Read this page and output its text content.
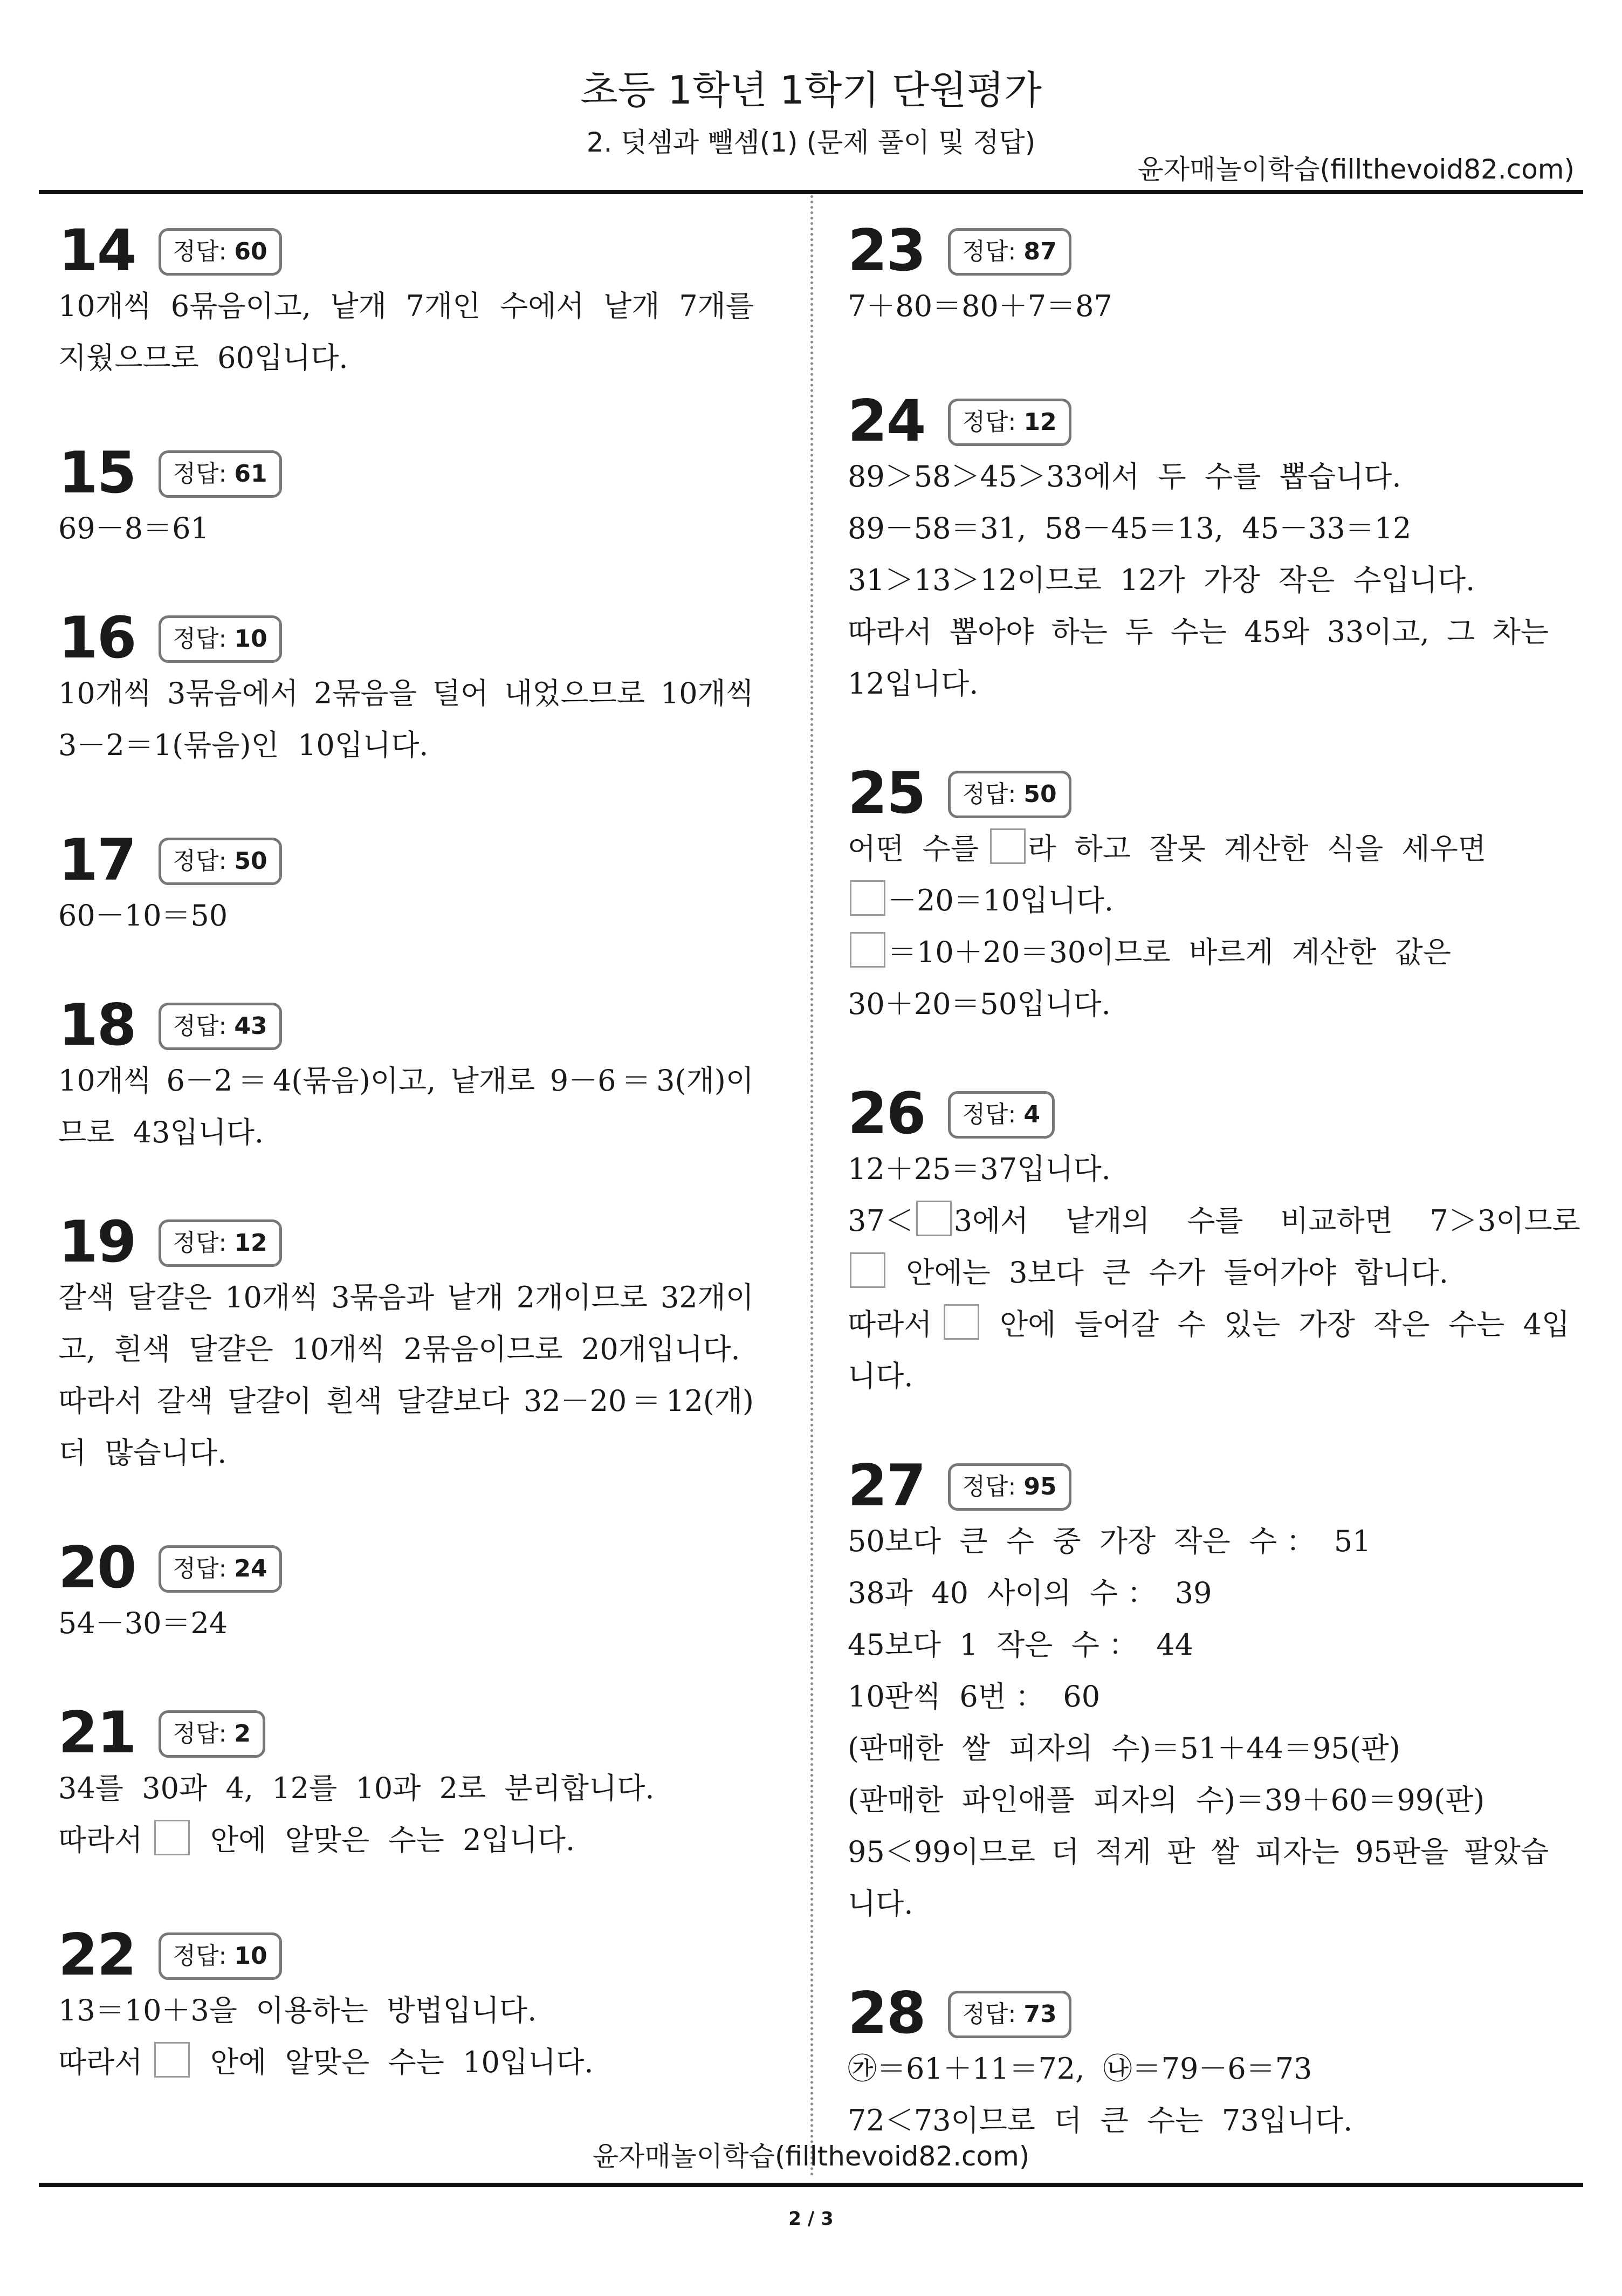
초등 1학년 1학기 단원평가
2. 덧셈과 뺄셈(1) (문제 풀이 및 정답)
윤자매놀이학습(fillthevoid82.com)
14	정답: 60
10개씩 6묶음이고, 낱개 7개인 수에서 낱개 7개를
지웠으므로  60입니다.
15	정답: 61
69－8＝61
16	정답: 10
10개씩 3묶음에서 2묶음을 덜어 내었으므로 10개씩
3－2＝1(묶음)인  10입니다.
17	정답: 50
60－10＝50
18	정답: 43
10개씩 6－2＝4(묶음)이고, 낱개로 9－6＝3(개)이
므로  43입니다.
19	정답: 12
갈색 달걀은 10개씩 3묶음과 낱개 2개이므로 32개이
고,  흰색  달걀은  10개씩  2묶음이므로  20개입니다.
따라서 갈색 달걀이 흰색 달걀보다 32－20＝12(개)
더  많습니다.
20	정답: 24
54－30＝24
21	정답: 2
34를  30과  4,  12를  10과  2로  분리합니다.
따라서   안에  알맞은  수는  2입니다.
22	정답: 10
13＝10＋3을  이용하는  방법입니다.
따라서   안에  알맞은  수는  10입니다.
23	정답: 87
7＋80＝80＋7＝87
24	정답: 12
89＞58＞45＞33에서  두  수를  뽑습니다.
89－58＝31,  58－45＝13,  45－33＝12
31＞13＞12이므로  12가  가장  작은  수입니다.
따라서 뽑아야 하는 두 수는 45와 33이고, 그 차는
12입니다.
25	정답: 50
어떤  수를 라  하고  잘못  계산한  식을  세우면
－20＝10입니다.
＝10＋20＝30이므로  바르게  계산한  값은
30＋20＝50입니다.
26	정답: 4
12＋25＝37입니다.
37＜ 3에서    낱개의    수를    비교하면    7＞3이므로
안에는  3보다  큰  수가  들어가야  합니다.
따라서   안에  들어갈  수  있는  가장  작은  수는  4입
니다.
27	정답: 95
50보다  큰  수  중  가장  작은  수 ：  51
38과  40  사이의  수 ：  39
45보다  1  작은  수 ：  44
10판씩  6번 ：  60
(판매한  쌀  피자의  수)＝51＋44＝95(판)
(판매한  파인애플  피자의  수)＝39＋60＝99(판)
95＜99이므로 더 적게 판 쌀 피자는 95판을 팔았습
니다.
28	정답: 73
㉮＝61＋11＝72,  ㉯＝79－6＝73
72＜73이므로  더  큰  수는  73입니다.
윤자매놀이학습(fillthevoid82.com)
2 / 3
